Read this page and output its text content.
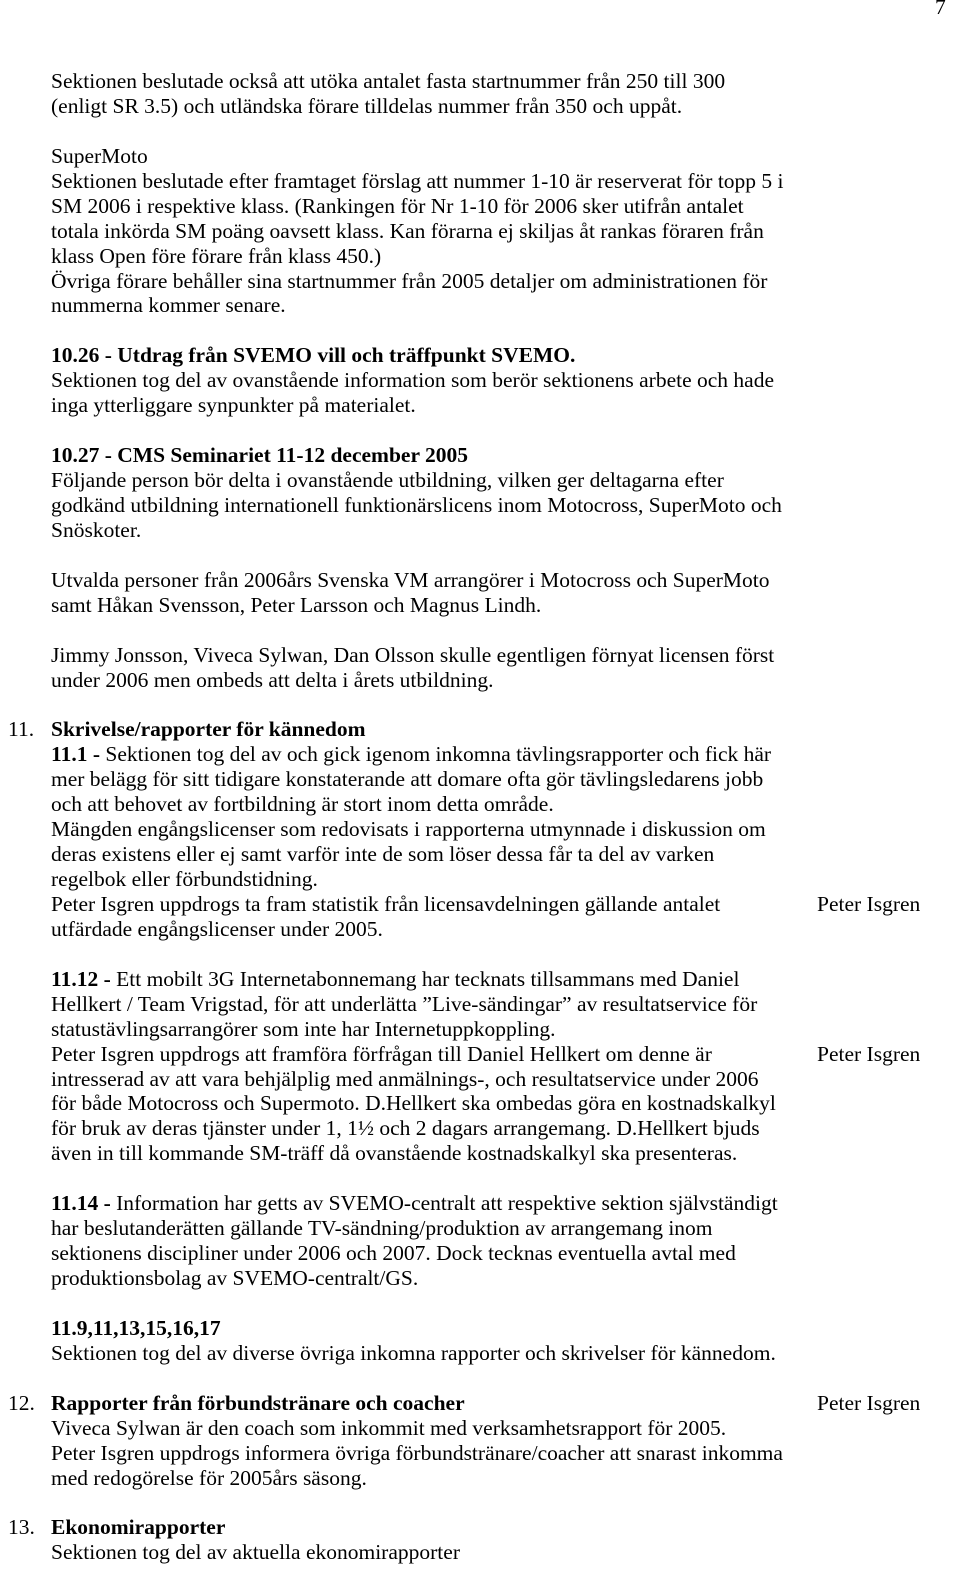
7
Sektionen beslutade också att utöka antalet fasta startnummer från 250 till 300
(enligt SR 3.5) och utländska förare tilldelas nummer från 350 och uppåt.
SuperMoto
Sektionen beslutade efter framtaget förslag att nummer 1-10 är reserverat för topp 5 i
SM 2006 i respektive klass. (Rankingen för Nr 1-10 för 2006 sker utifrån antalet
totala inkörda SM poäng oavsett klass. Kan förarna ej skiljas åt rankas föraren från
klass Open före förare från klass 450.)
Övriga förare behåller sina startnummer från 2005 detaljer om administrationen för
nummerna kommer senare.
10.26 - Utdrag från SVEMO vill och träffpunkt SVEMO.
Sektionen tog del av ovanstående information som berör sektionens arbete och hade
inga ytterliggare synpunkter på materialet.
10.27 - CMS Seminariet 11-12 december 2005
Följande person bör delta i ovanstående utbildning, vilken ger deltagarna efter
godkänd utbildning internationell funktionärslicens inom Motocross, SuperMoto och
Snöskoter.
Utvalda personer från 2006års Svenska VM arrangörer i Motocross och SuperMoto
samt Håkan Svensson, Peter Larsson och Magnus Lindh.
Jimmy Jonsson, Viveca Sylwan, Dan Olsson skulle egentligen förnyat licensen först
under 2006 men ombeds att delta i årets utbildning.
11. Skrivelse/rapporter för kännedom
11.1 - Sektionen tog del av och gick igenom inkomna tävlingsrapporter och fick här
mer belägg för sitt tidigare konstaterande att domare ofta gör tävlingsledarens jobb
och att behovet av fortbildning är stort inom detta område.
Mängden engångslicenser som redovisats i rapporterna utmynnade i diskussion om
deras existens eller ej samt varför inte de som löser dessa får ta del av varken
regelbok eller förbundstidning.
Peter Isgren uppdrogs ta fram statistik från licensavdelningen gällande antalet	Peter Isgren
utfärdade engångslicenser under 2005.
11.12 - Ett mobilt 3G Internetabonnemang har tecknats tillsammans med Daniel
Hellkert / Team Vrigstad, för att underlätta ”Live-sändingar” av resultatservice för
statustävlingsarrangörer som inte har Internetuppkoppling.
Peter Isgren uppdrogs att framföra förfrågan till Daniel Hellkert om denne är	Peter Isgren
intresserad av att vara behjälplig med anmälnings-, och resultatservice under 2006
för både Motocross och Supermoto. D.Hellkert ska ombedas göra en kostnadskalkyl
för bruk av deras tjänster under 1, 1½ och 2 dagars arrangemang. D.Hellkert bjuds
även in till kommande SM-träff då ovanstående kostnadskalkyl ska presenteras.
11.14 - Information har getts av SVEMO-centralt att respektive sektion självständigt
har beslutanderätten gällande TV-sändning/produktion av arrangemang inom
sektionens discipliner under 2006 och 2007. Dock tecknas eventuella avtal med
produktionsbolag av SVEMO-centralt/GS.
11.9,11,13,15,16,17
Sektionen tog del av diverse övriga inkomna rapporter och skrivelser för kännedom.
12. Rapporter från förbundstränare och coacher	Peter Isgren
Viveca Sylwan är den coach som inkommit med verksamhetsrapport för 2005.
Peter Isgren uppdrogs informera övriga förbundstränare/coacher att snarast inkomma
med redogörelse för 2005års säsong.
13. Ekonomirapporter
Sektionen tog del av aktuella ekonomirapporter
